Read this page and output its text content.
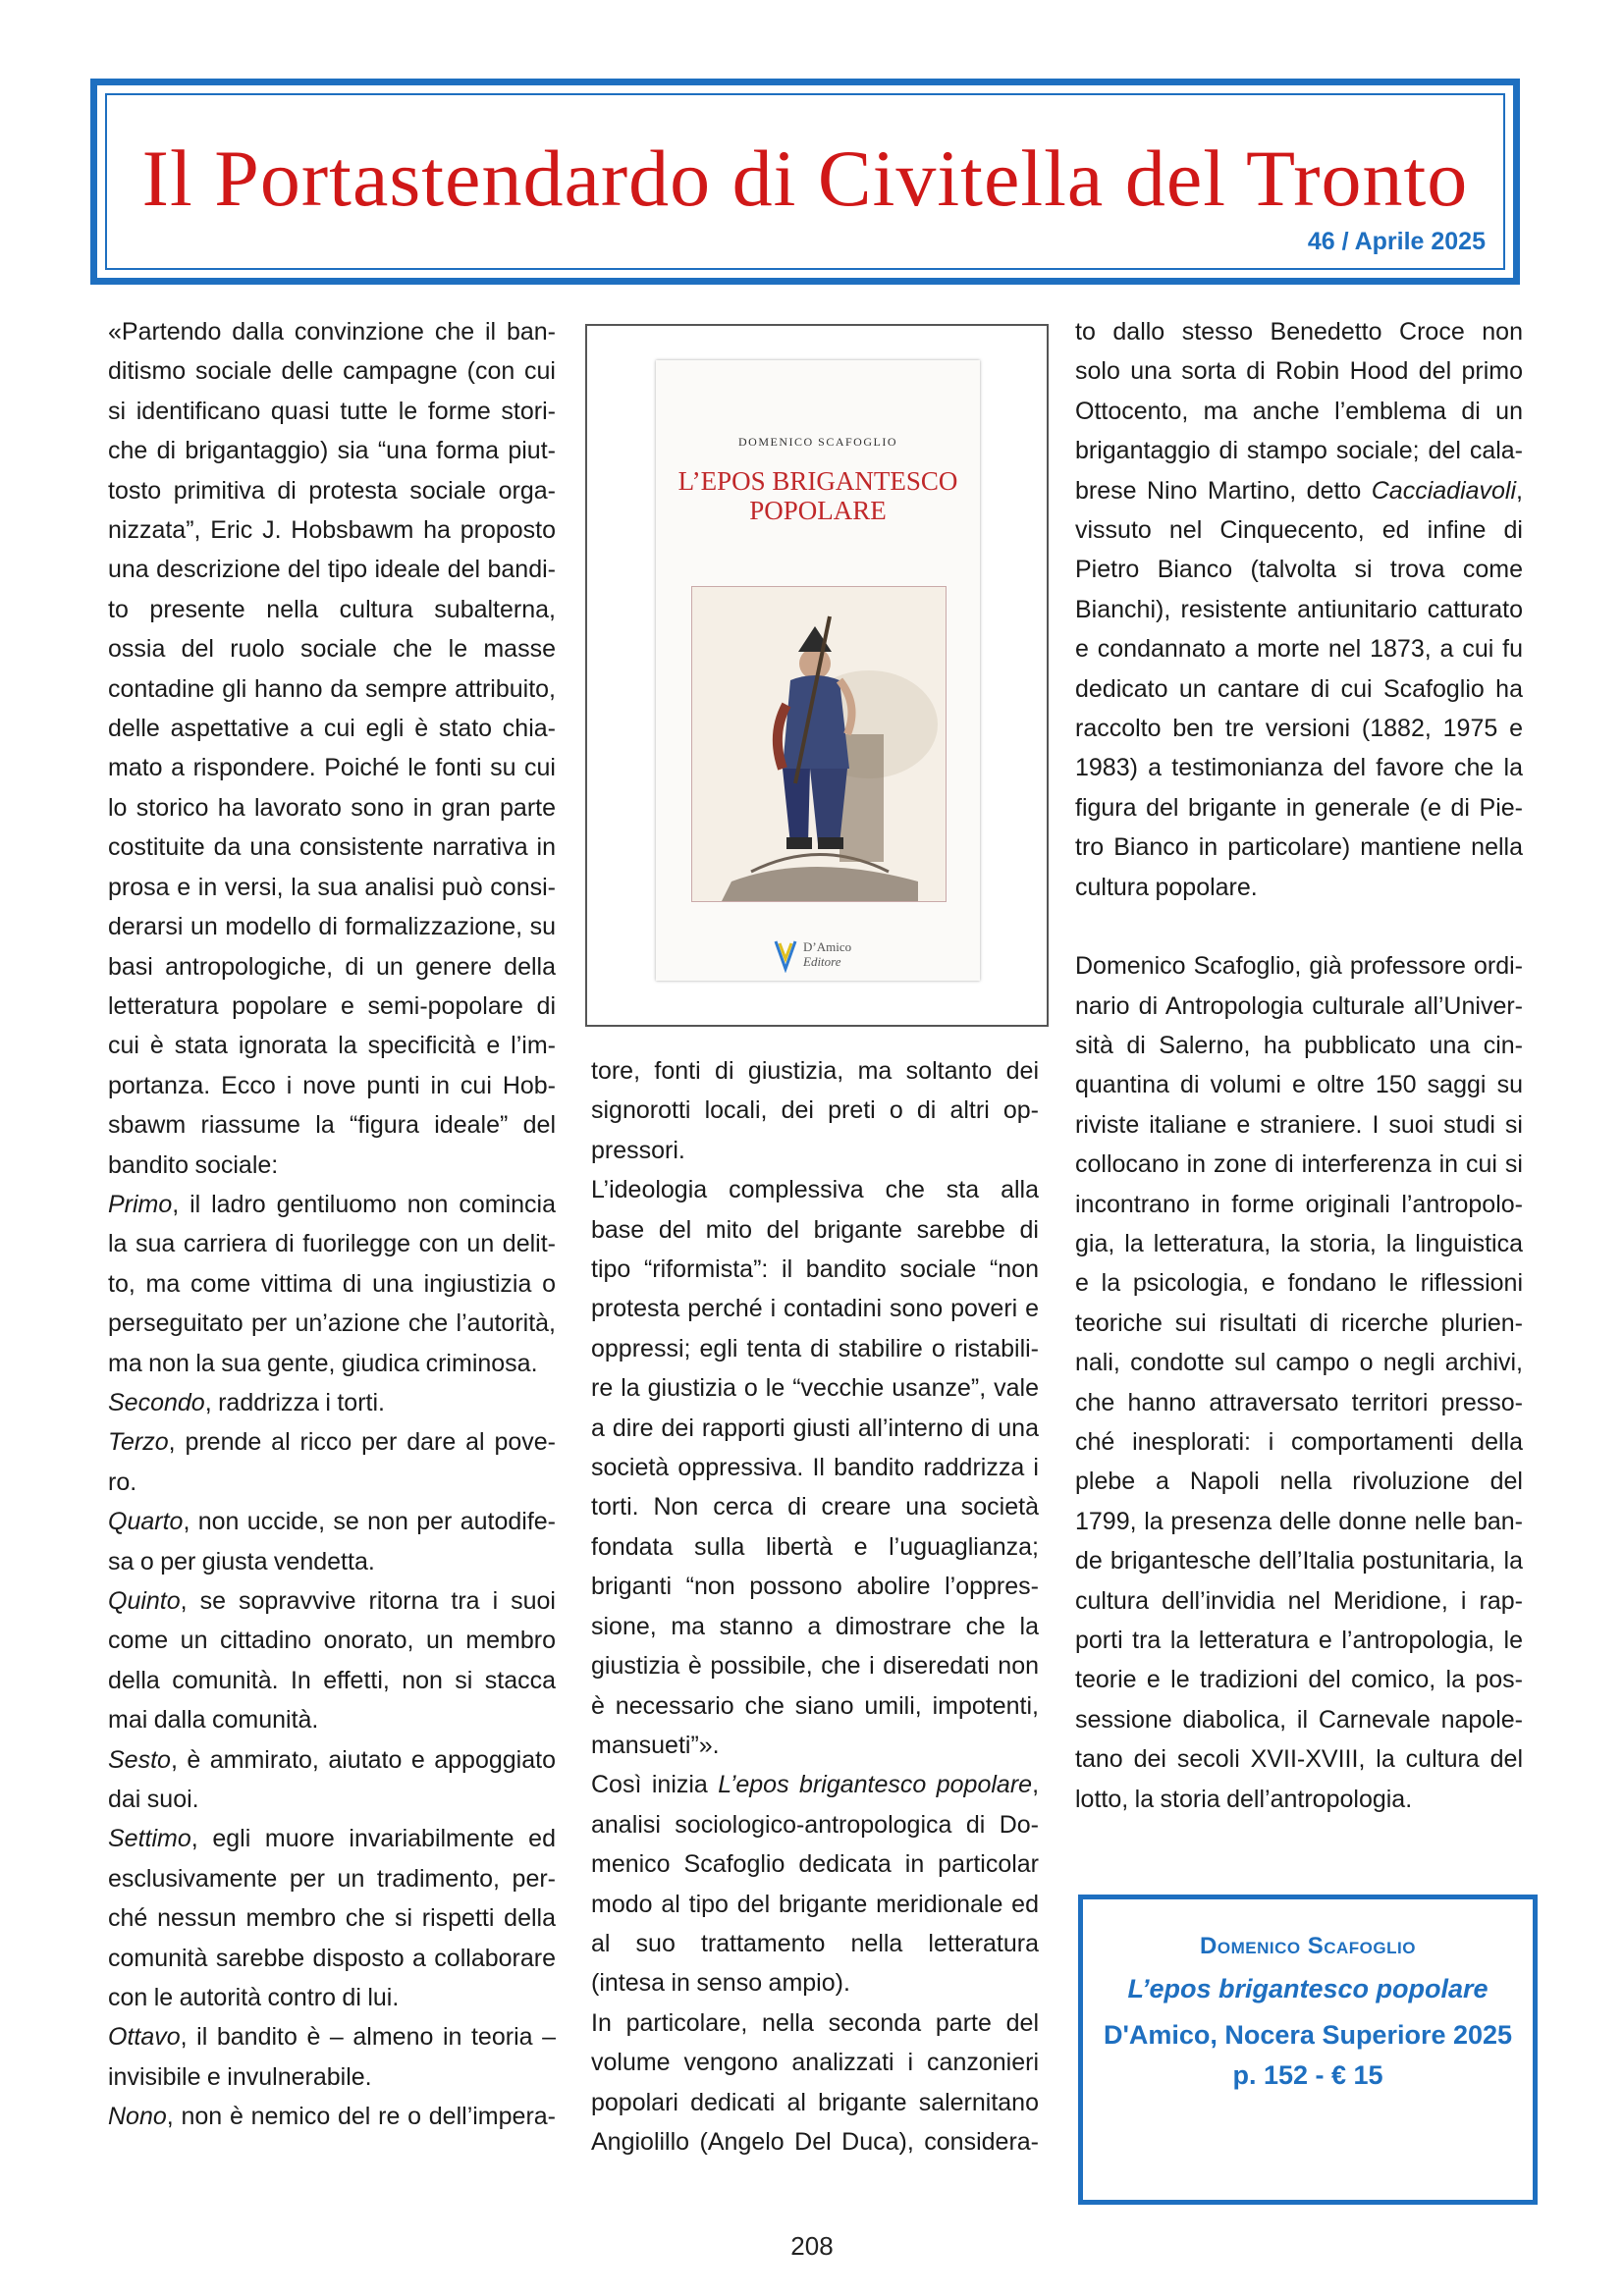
Il Portastendardo di Civitella del Tronto
46 / Aprile 2025
«Partendo dalla convinzione che il ban-
ditismo sociale delle campagne (con cui
si identificano quasi tutte le forme stori-
che di brigantaggio) sia “una forma piut-
tosto primitiva di protesta sociale orga-
nizzata”, Eric J. Hobsbawm ha proposto
una descrizione del tipo ideale del bandi-
to presente nella cultura subalterna,
ossia del ruolo sociale che le masse
contadine gli hanno da sempre attribuito,
delle aspettative a cui egli è stato chia-
mato a rispondere. Poiché le fonti su cui
lo storico ha lavorato sono in gran parte
costituite da una consistente narrativa in
prosa e in versi, la sua analisi può consi-
derarsi un modello di formalizzazione, su
basi antropologiche, di un genere della
letteratura popolare e semi-popolare di
cui è stata ignorata la specificità e l’im-
portanza. Ecco i nove punti in cui Hob-
sbawm riassume la “figura ideale” del
bandito sociale:
Primo, il ladro gentiluomo non comincia
la sua carriera di fuorilegge con un delit-
to, ma come vittima di una ingiustizia o
perseguitato per un’azione che l’autorità,
ma non la sua gente, giudica criminosa.
Secondo, raddrizza i torti.
Terzo, prende al ricco per dare al pove-
ro.
Quarto, non uccide, se non per autodife-
sa o per giusta vendetta.
Quinto, se sopravvive ritorna tra i suoi
come un cittadino onorato, un membro
della comunità. In effetti, non si stacca
mai dalla comunità.
Sesto, è ammirato, aiutato e appoggiato
dai suoi.
Settimo, egli muore invariabilmente ed
esclusivamente per un tradimento, per-
ché nessun membro che si rispetti della
comunità sarebbe disposto a collaborare
con le autorità contro di lui.
Ottavo, il bandito è – almeno in teoria –
invisibile e invulnerabile.
Nono, non è nemico del re o dell’impera-
DOMENICO SCAFOGLIO
L’EPOS BRIGANTESCO
POPOLARE
D’Amico
Editore
tore, fonti di giustizia, ma soltanto dei
signorotti locali, dei preti o di altri op-
pressori.
L’ideologia complessiva che sta alla
base del mito del brigante sarebbe di
tipo “riformista”: il bandito sociale “non
protesta perché i contadini sono poveri e
oppressi; egli tenta di stabilire o ristabili-
re la giustizia o le “vecchie usanze”, vale
a dire dei rapporti giusti all’interno di una
società oppressiva. Il bandito raddrizza i
torti. Non cerca di creare una società
fondata sulla libertà e l’uguaglianza;
briganti “non possono abolire l’oppres-
sione, ma stanno a dimostrare che la
giustizia è possibile, che i diseredati non
è necessario che siano umili, impotenti,
mansueti”».
Così inizia L’epos brigantesco popolare,
analisi sociologico-antropologica di Do-
menico Scafoglio dedicata in particolar
modo al tipo del brigante meridionale ed
al suo trattamento nella letteratura
(intesa in senso ampio).
In particolare, nella seconda parte del
volume vengono analizzati i canzonieri
popolari dedicati al brigante salernitano
Angiolillo (Angelo Del Duca), considera-
to dallo stesso Benedetto Croce non
solo una sorta di Robin Hood del primo
Ottocento, ma anche l’emblema di un
brigantaggio di stampo sociale; del cala-
brese Nino Martino, detto Cacciadiavoli,
vissuto nel Cinquecento, ed infine di
Pietro Bianco (talvolta si trova come
Bianchi), resistente antiunitario catturato
e condannato a morte nel 1873, a cui fu
dedicato un cantare di cui Scafoglio ha
raccolto ben tre versioni (1882, 1975 e
1983) a testimonianza del favore che la
figura del brigante in generale (e di Pie-
tro Bianco in particolare) mantiene nella
cultura popolare.
Domenico Scafoglio, già professore ordi-
nario di Antropologia culturale all’Univer-
sità di Salerno, ha pubblicato una cin-
quantina di volumi e oltre 150 saggi su
riviste italiane e straniere. I suoi studi si
collocano in zone di interferenza in cui si
incontrano in forme originali l’antropolo-
gia, la letteratura, la storia, la linguistica
e la psicologia, e fondano le riflessioni
teoriche sui risultati di ricerche plurien-
nali, condotte sul campo o negli archivi,
che hanno attraversato territori presso-
ché inesplorati: i comportamenti della
plebe a Napoli nella rivoluzione del
1799, la presenza delle donne nelle ban-
de brigantesche dell’Italia postunitaria, la
cultura dell’invidia nel Meridione, i rap-
porti tra la letteratura e l’antropologia, le
teorie e le tradizioni del comico, la pos-
sessione diabolica, il Carnevale napole-
tano dei secoli XVII-XVIII, la cultura del
lotto, la storia dell’antropologia.
Domenico Scafoglio
L’epos brigantesco popolare
D'Amico, Nocera Superiore 2025
p. 152 - € 15
208
